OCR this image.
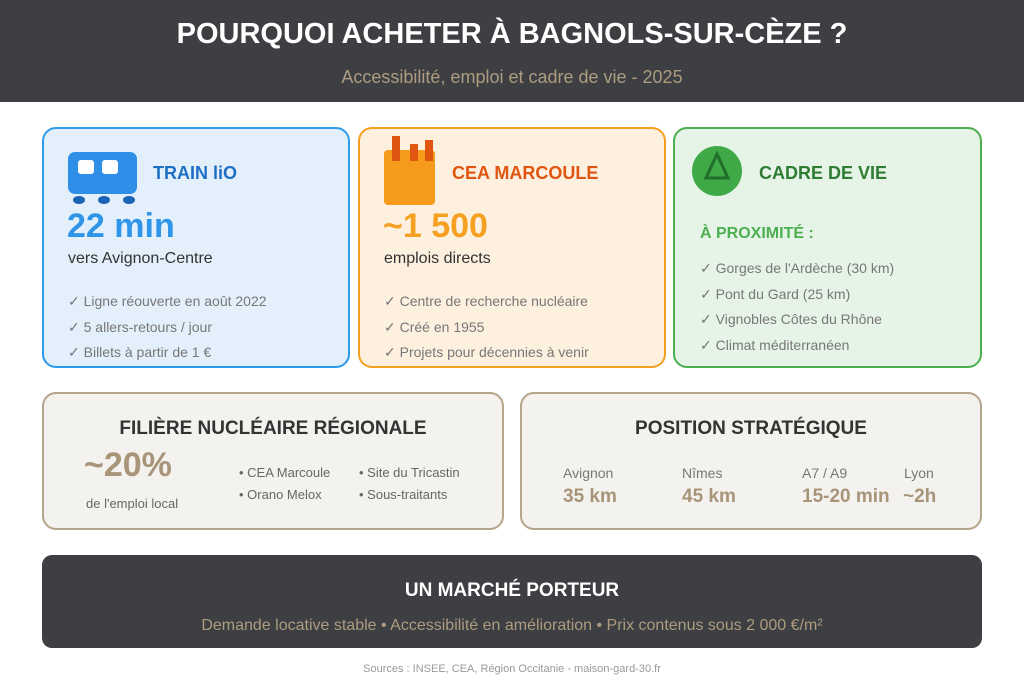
POURQUOI ACHETER À BAGNOLS-SUR-CÈZE ?
Accessibilité, emploi et cadre de vie - 2025
TRAIN liO
22 min
vers Avignon-Centre
✓ Ligne réouverte en août 2022
✓ 5 allers-retours / jour
✓ Billets à partir de 1 €
CEA MARCOULE
~1 500
emplois directs
✓ Centre de recherche nucléaire
✓ Créé en 1955
✓ Projets pour décennies à venir
CADRE DE VIE
À PROXIMITÉ :
✓ Gorges de l'Ardèche (30 km)
✓ Pont du Gard (25 km)
✓ Vignobles Côtes du Rhône
✓ Climat méditerranéen
FILIÈRE NUCLÉAIRE RÉGIONALE
~20%
de l'emploi local
• CEA Marcoule • Site du Tricastin
• Orano Melox	• Sous-traitants
POSITION STRATÉGIQUE
Avignon
35 km
Nîmes
45 km
A7 / A9
15-20 min
Lyon
~2h
UN MARCHÉ PORTEUR
Demande locative stable • Accessibilité en amélioration • Prix contenus sous 2 000 €/m²
Sources : INSEE, CEA, Région Occitanie - maison-gard-30.fr
